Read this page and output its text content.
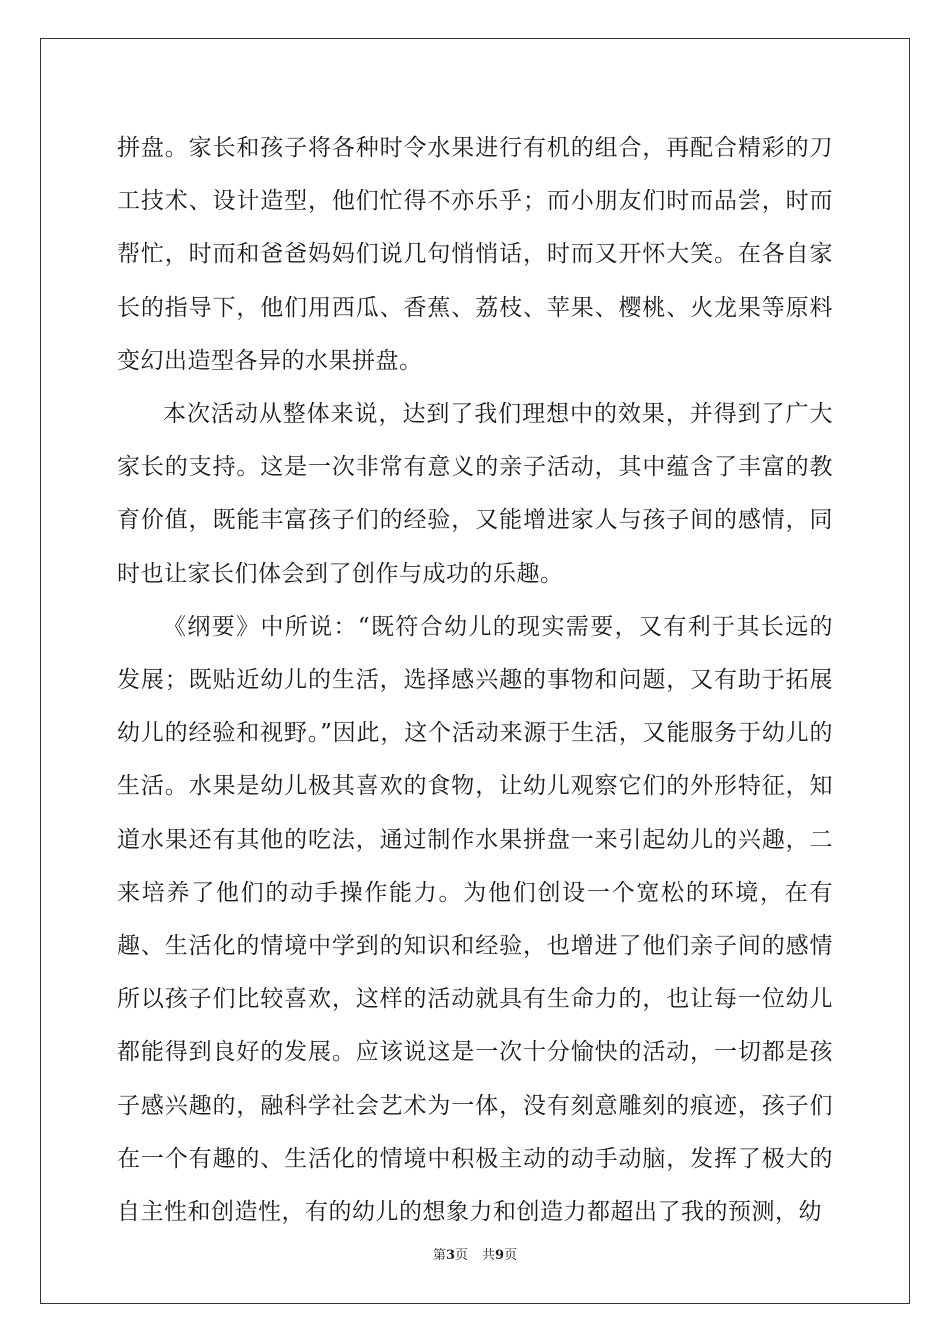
拼盘。家长和孩子将各种时令水果进行有机的组合，再配合精彩的刀工技术、设计造型，他们忙得不亦乐乎；而小朋友们时而品尝，时而帮忙，时而和爸爸妈妈们说几句悄悄话，时而又开怀大笑。在各自家长的指导下，他们用西瓜、香蕉、荔枝、苹果、樱桃、火龙果等原料变幻出造型各异的水果拼盘。

本次活动从整体来说，达到了我们理想中的效果，并得到了广大家长的支持。这是一次非常有意义的亲子活动，其中蕴含了丰富的教育价值，既能丰富孩子们的经验，又能增进家人与孩子间的感情，同时也让家长们体会到了创作与成功的乐趣。

《纲要》中所说：“既符合幼儿的现实需要，又有利于其长远的发展；既贴近幼儿的生活，选择感兴趣的事物和问题，又有助于拓展幼儿的经验和视野。”因此，这个活动来源于生活，又能服务于幼儿的生活。水果是幼儿极其喜欢的食物，让幼儿观察它们的外形特征，知道水果还有其他的吃法，通过制作水果拼盘一来引起幼儿的兴趣，二来培养了他们的动手操作能力。为他们创设一个宽松的环境，在有趣、生活化的情境中学到的知识和经验，也增进了他们亲子间的感情所以孩子们比较喜欢，这样的活动就具有生命力的，也让每一位幼儿都能得到良好的发展。应该说这是一次十分愉快的活动，一切都是孩子感兴趣的，融科学社会艺术为一体，没有刻意雕刻的痕迹，孩子们在一个有趣的、生活化的情境中积极主动的动手动脑，发挥了极大的自主性和创造性，有的幼儿的想象力和创造力都超出了我的预测，幼

第3页 共9页
